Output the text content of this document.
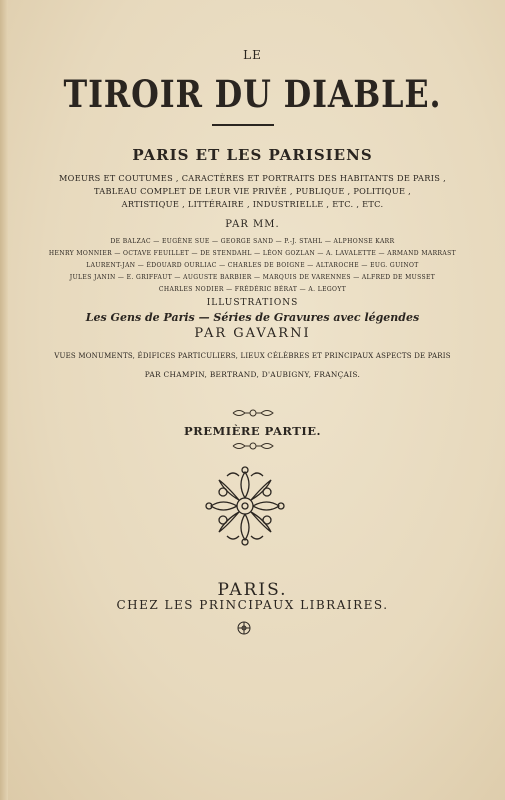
LE
TIROIR DU DIABLE.
PARIS ET LES PARISIENS
MOEURS ET COUTUMES , CARACTÈRES ET PORTRAITS DES HABITANTS DE PARIS ,
TABLEAU COMPLET DE LEUR VIE PRIVÉE , PUBLIQUE , POLITIQUE ,
ARTISTIQUE , LITTÉRAIRE , INDUSTRIELLE , ETC. , ETC.
PAR MM.
DE BALZAC — EUGÈNE SUE — GEORGE SAND — P.-J. STAHL — ALPHONSE KARR
HENRY MONNIER — OCTAVE FEUILLET — DE STENDAHL — LÉON GOZLAN — A. LAVALETTE — ARMAND MARRAST
LAURENT-JAN — ÉDOUARD OURLIAC — CHARLES DE BOIGNE — ALTAROCHE — EUG. GUINOT
JULES JANIN — E. GRIFFAUT — AUGUSTE BARBIER — MARQUIS DE VARENNES — ALFRED DE MUSSET
CHARLES NODIER — FRÉDÉRIC BÉRAT — A. LEGOYT
ILLUSTRATIONS
Les Gens de Paris — Séries de Gravures avec légendes
PAR GAVARNI
VUES MONUMENTS, ÉDIFICES PARTICULIERS, LIEUX CÉLÈBRES ET PRINCIPAUX ASPECTS DE PARIS
PAR CHAMPIN, BERTRAND, D'AUBIGNY, FRANÇAIS.
PREMIÈRE PARTIE.
PARIS.
CHEZ LES PRINCIPAUX LIBRAIRES.
